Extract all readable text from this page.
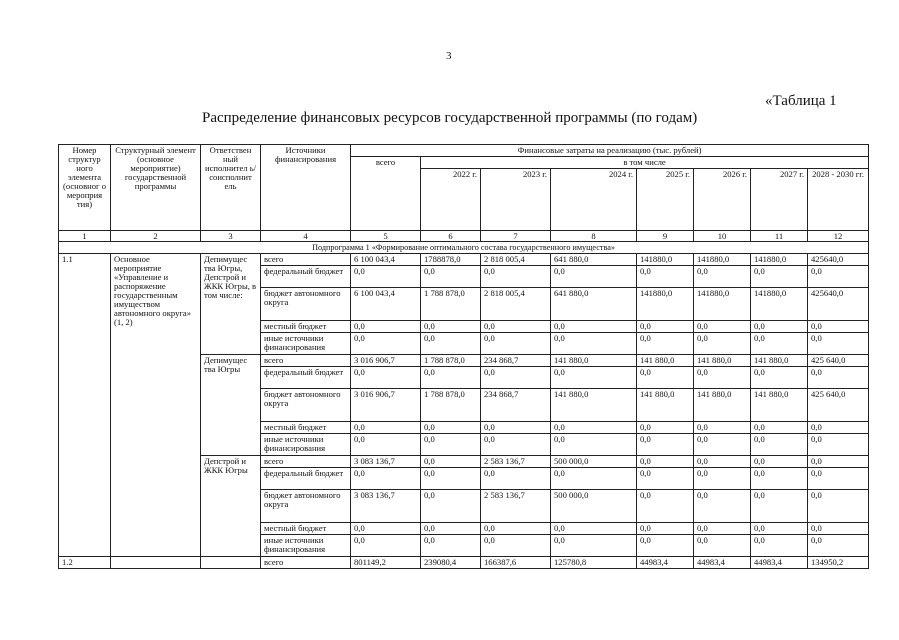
3
«Таблица 1
Распределение финансовых ресурсов государственной программы (по годам)
Номер структур ного элемента (основног о мероприя тия)	Структурный элемент (основное мероприятие) государственной программы	Ответствен ный исполнител ь/ соисполнит ель	Источники финансирования	Финансовые затраты на реализацию (тыс. рублей)							
				всего	в том числе						
					2022 г.	2023 г.	2024 г.	2025 г.	2026 г.	2027 г.	2028 - 2030 гг.
1	2	3	4	5	6	7	8	9	10	11	12
Подпрограмма 1 «Формирование оптимального состава государственного имущества»											
1.1	Основное мероприятие «Управление и распоряжение государственным имуществом автономного округа» (1, 2)	Депимущес тва Югры, Депстрой и ЖКК Югры, в том числе:	всего	6 100 043,4	1788878,0	2 818 005,4	641 880,0	141880,0	141880,0	141880,0	425640,0
			федеральный бюджет	0,0	0,0	0,0	0,0	0,0	0,0	0,0	0,0
			бюджет автономного округа	6 100 043,4	1 788 878,0	2 818 005,4	641 880,0	141880,0	141880,0	141880,0	425640,0
			местный бюджет	0,0	0,0	0,0	0,0	0,0	0,0	0,0	0,0
			иные источники финансирования	0,0	0,0	0,0	0,0	0,0	0,0	0,0	0,0
		Депимущес тва Югры	всего	3 016 906,7	1 788 878,0	234 868,7	141 880,0	141 880,0	141 880,0	141 880,0	425 640,0
			федеральный бюджет	0,0	0,0	0,0	0,0	0,0	0,0	0,0	0,0
			бюджет автономного округа	3 016 906,7	1 788 878,0	234 868,7	141 880,0	141 880,0	141 880,0	141 880,0	425 640,0
			местный бюджет	0,0	0,0	0,0	0,0	0,0	0,0	0,0	0,0
			иные источники финансирования	0,0	0,0	0,0	0,0	0,0	0,0	0,0	0,0
		Депстрой и ЖКК Югры	всего	3 083 136,7	0,0	2 583 136,7	500 000,0	0,0	0,0	0,0	0,0
			федеральный бюджет	0,0	0,0	0,0	0,0	0,0	0,0	0,0	0,0
			бюджет автономного округа	3 083 136,7	0,0	2 583 136,7	500 000,0	0,0	0,0	0,0	0,0
			местный бюджет	0,0	0,0	0,0	0,0	0,0	0,0	0,0	0,0
			иные источники финансирования	0,0	0,0	0,0	0,0	0,0	0,0	0,0	0,0
1.2			всего	801149,2	239080,4	166387,6	125780,8	44983,4	44983,4	44983,4	134950,2
